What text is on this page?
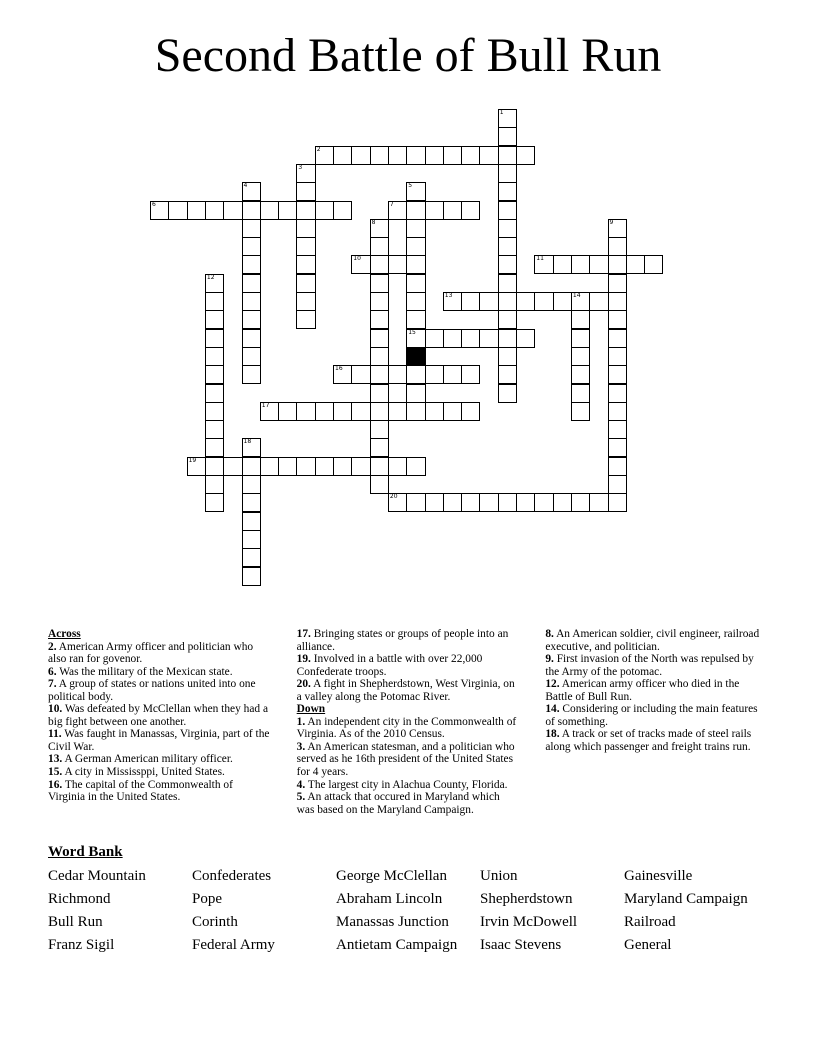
Second Battle of Bull Run
1
2
3
4	5
15
6	7
8	9
10	11
12
13	14
16
17
18
19
20

Across

2. American Army officer and politician who also ran for govenor.

6. Was the military of the Mexican state.

7. A group of states or nations united into one political body.

10. Was defeated by McClellan when they had a big fight between one another.

11. Was faught in Manassas, Virginia, part of the Civil War.

13. A German American military officer.

15. A city in Mississppi, United States.

16. The capital of the Commonwealth of Virginia in the United States.

17. Bringing states or groups of people into an alliance.

19. Involved in a battle with over 22,000 Confederate troops.

20. A fight in Shepherdstown, West Virginia, on a valley along the Potomac River.

Down

1. An independent city in the Commonwealth of Virginia. As of the 2010 Census.

3. An American statesman, and a politician who served as he 16th president of the United States for 4 years.

4. The largest city in Alachua County, Florida.

5. An attack that occured in Maryland which was based on the Maryland Campaign.

8. An American soldier, civil engineer, railroad executive, and politician.

9. First invasion of the North was repulsed by the Army of the potomac.

12. American army officer who died in the Battle of Bull Run.

14. Considering or including the main features of something.

18. A track or set of tracks made of steel rails along which passenger and freight trains run.

Word Bank
Cedar Mountain	Confederates	George McClellan	Union	Gainesville
Richmond	Pope	Abraham Lincoln	Shepherdstown	Maryland Campaign
Bull Run	Corinth	Manassas Junction	Irvin McDowell	Railroad
Franz Sigil	Federal Army	Antietam Campaign	Isaac Stevens	General
